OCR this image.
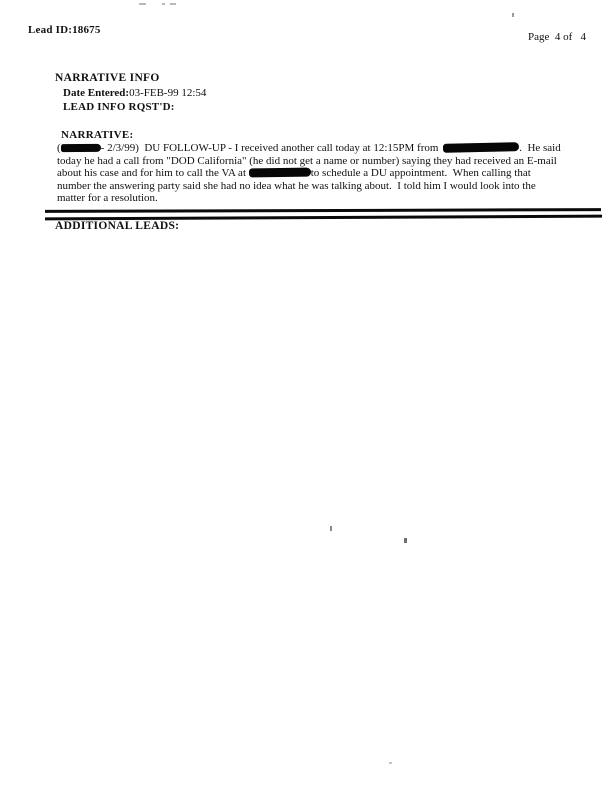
Lead ID:18675
Page  4 of   4
NARRATIVE INFO
Date Entered:03-FEB-99 12:54
LEAD INFO RQST'D:
NARRATIVE:
(	- 2/3/99)  DU FOLLOW-UP - I received another call today at 12:15PM from	.  He said
today he had a call from "DOD California" (he did not get a name or number) saying they had received an E-mail
about his case and for him to call the VA at	to schedule a DU appointment.  When calling that
number the answering party said she had no idea what he was talking about.  I told him I would look into the
matter for a resolution.
ADDITIONAL LEADS:
